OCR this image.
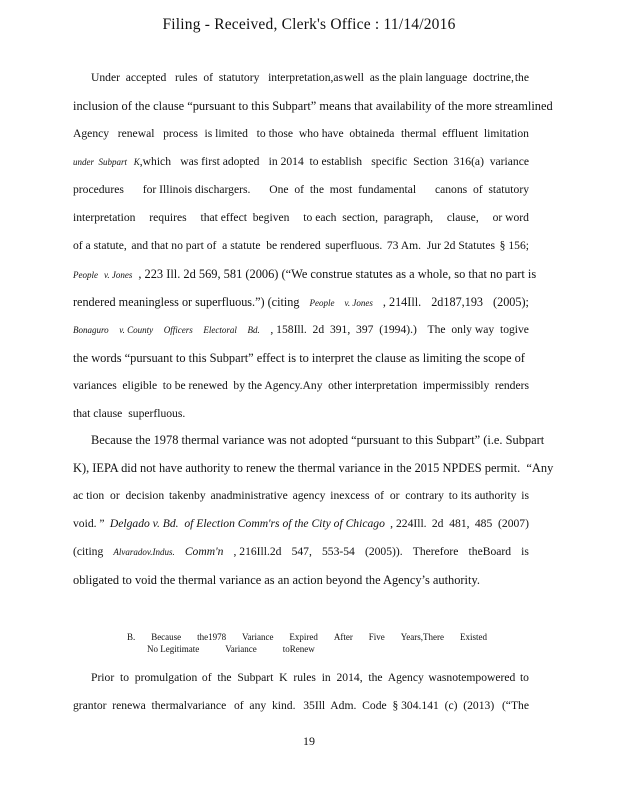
Filing - Received, Clerk's Office : 11/14/2016
Under  accepted   rules  of  statutory   interpretation,as well  as the plain language  doctrine, the
inclusion of the clause “pursuant to this Subpart” means that availability of the more streamlined
Agency   renewal   process is limited   to those  who have  obtaineda thermal  effluent  limitation
under  Subpart   K,which was first adopted in 2014  to establish specific  Section  316(a)  variance
procedures for Illinois dischargers. One  of  the  most  fundamental canons  of  statutory
interpretation requires that effect  begiven to each  section,  paragraph, clause, or word
of a statute, and that no part of  a statute  be rendered superfluous. 73 Am.  Jur 2d Statutes § 156;
People v. Jones , 223 Ill. 2d 569, 581 (2006) (“We construe statutes as a whole, so that no part is
rendered meaningless or superfluous.”) (citing People v. Jones , 214Ill. 2d187,193 (2005);
Bonaguro v. County Officers Electoral Bd. , 158Ill.  2d  391,  397  (1994).) The  only way  togive
the words “pursuant to this Subpart” effect is to interpret the clause as limiting the scope of
variances eligible to be renewed by the Agency.Any other interpretation impermissibly renders
that clause superfluous.
Because the 1978 thermal variance was not adopted “pursuant to this Subpart” (i.e. Subpart
K), IEPA did not have authority to renew the thermal variance in the 2015 NPDES permit.  “Any
ac tion  or  decision takenby anadministrative agency inexcess of  or  contrary to its authority is
void. ” Delgado v. Bd.  of Election Comm'rs of the City of Chicago , 224Ill. 2d  481, 485  (2007)
(citing Alvaradov.Indus. Comm'n , 216Ill.2d 547, 553-54 (2005)). Therefore theBoard is
obligated to void the thermal variance as an action beyond the Agency’s authority.
B. Because the1978 Variance Expired After Five Years,There Existed
No Legitimate	Variance	toRenew
Prior  to  promulgation of  the  Subpart  K  rules  in  2014,  the  Agency wasnotempowered to
grantor  renewa  thermalvariance of  any  kind. 35Ill  Adm.  Code  § 304.141  (c)  (2013) (“The
19
